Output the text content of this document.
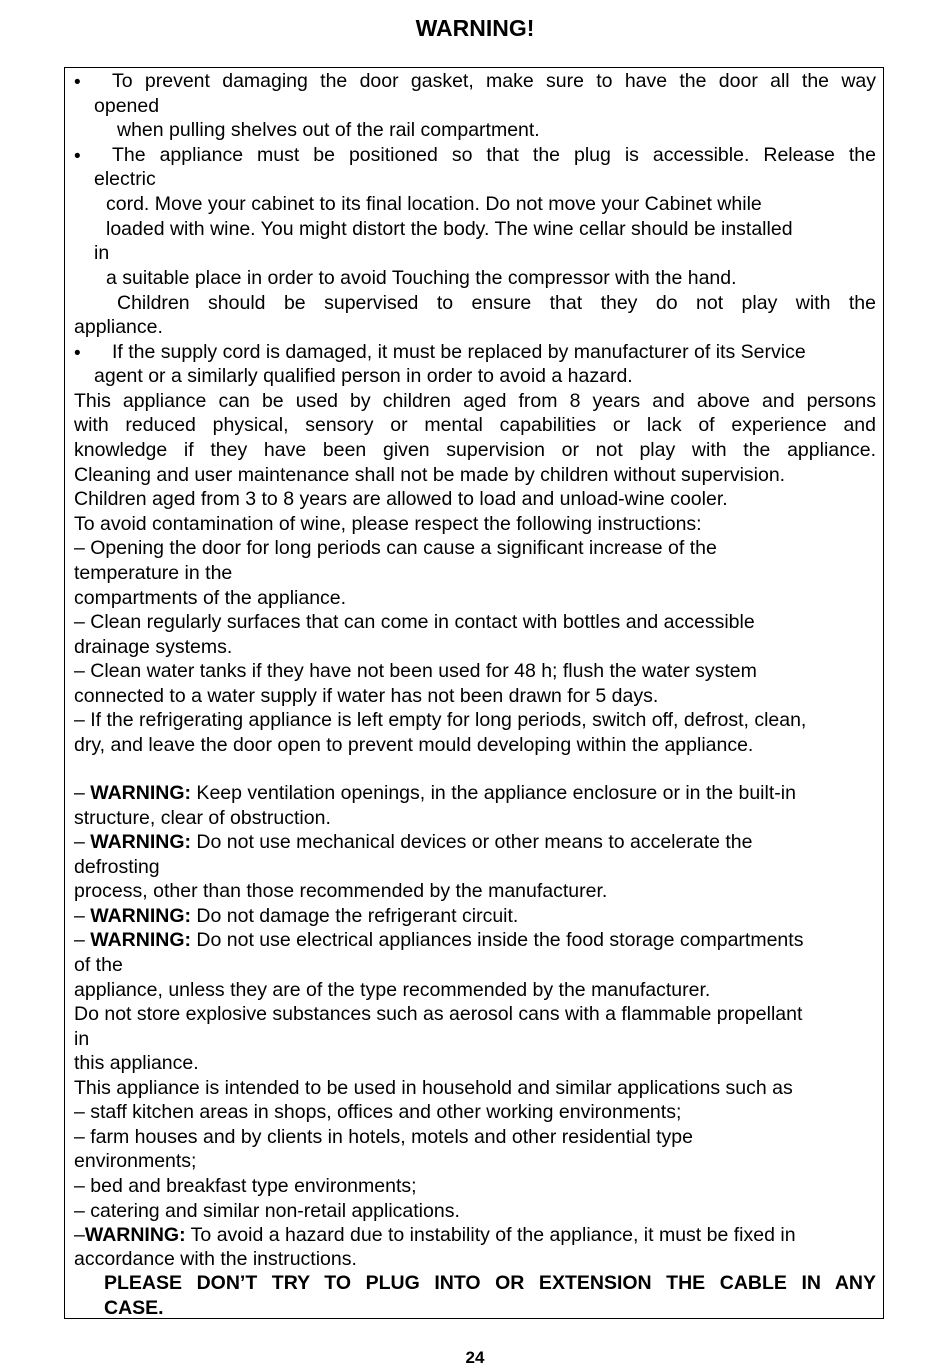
WARNING!
• To prevent damaging the door gasket, make sure to have the door all the way
opened
when pulling shelves out of the rail compartment.
• The appliance must be positioned so that the plug is accessible. Release the
electric
cord. Move your cabinet to its final location. Do not move your Cabinet while
loaded with wine. You might distort the body. The wine cellar should be installed
in
a suitable place in order to avoid Touching the compressor with the hand.
Children should be supervised to ensure that they do not play with the
appliance.
• If the supply cord is damaged, it must be replaced by manufacturer of its Service
agent or a similarly qualified person in order to avoid a hazard.
This appliance can be used by children aged from 8 years and above and persons
with reduced physical, sensory or mental capabilities or lack of experience and
knowledge if they have been given supervision or not play with the appliance.
Cleaning and user maintenance shall not be made by children without supervision.
Children aged from 3 to 8 years are allowed to load and unload-wine cooler.
To avoid contamination of wine, please respect the following instructions:
– Opening the door for long periods can cause a significant increase of the
temperature in the
compartments of the appliance.
– Clean regularly surfaces that can come in contact with bottles and accessible
drainage systems.
– Clean water tanks if they have not been used for 48 h; flush the water system
connected to a water supply if water has not been drawn for 5 days.
– If the refrigerating appliance is left empty for long periods, switch off, defrost, clean,
dry, and leave the door open to prevent mould developing within the appliance.
– WARNING: Keep ventilation openings, in the appliance enclosure or in the built-in
structure, clear of obstruction.
– WARNING: Do not use mechanical devices or other means to accelerate the
defrosting
process, other than those recommended by the manufacturer.
– WARNING: Do not damage the refrigerant circuit.
– WARNING: Do not use electrical appliances inside the food storage compartments
of the
appliance, unless they are of the type recommended by the manufacturer.
Do not store explosive substances such as aerosol cans with a flammable propellant
in
this appliance.
This appliance is intended to be used in household and similar applications such as
– staff kitchen areas in shops, offices and other working environments;
– farm houses and by clients in hotels, motels and other residential type
environments;
– bed and breakfast type environments;
– catering and similar non-retail applications.
–WARNING: To avoid a hazard due to instability of the appliance, it must be fixed in
accordance with the instructions.
PLEASE DON’T TRY TO PLUG INTO OR EXTENSION THE CABLE IN ANY
CASE.
24
